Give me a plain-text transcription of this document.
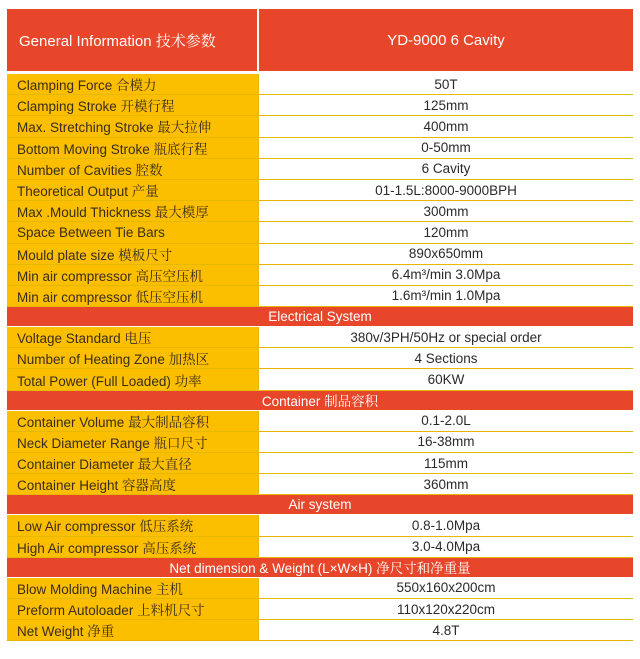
General Information 技术参数	YD-9000 6 Cavity
Clamping Force 合模力	50T
Clamping Stroke 开模行程	125mm
Max. Stretching Stroke 最大拉伸	400mm
Bottom Moving Stroke 瓶底行程	0-50mm
Number of Cavities 腔数	6 Cavity
Theoretical Output 产量	01-1.5L:8000-9000BPH
Max .Mould Thickness 最大模厚	300mm
Space Between Tie Bars	120mm
Mould plate size 模板尺寸	890x650mm
Min air compressor 高压空压机	6.4m³/min 3.0Mpa
Min air compressor 低压空压机	1.6m³/min 1.0Mpa
Electrical System
Voltage Standard 电压	380v/3PH/50Hz or special order
Number of Heating Zone 加热区	4 Sections
Total Power (Full Loaded) 功率	60KW
Container 制品容积
Container Volume 最大制品容积	0.1-2.0L
Neck Diameter Range 瓶口尺寸	16-38mm
Container Diameter 最大直径	115mm
Container Height 容器高度	360mm
Air system
Low Air compressor 低压系统	0.8-1.0Mpa
High Air compressor 高压系统	3.0-4.0Mpa
Net dimension & Weight (L×W×H) 净尺寸和净重量
Blow Molding Machine 主机	550x160x200cm
Preform Autoloader 上料机尺寸	110x120x220cm
Net Weight 净重	4.8T
